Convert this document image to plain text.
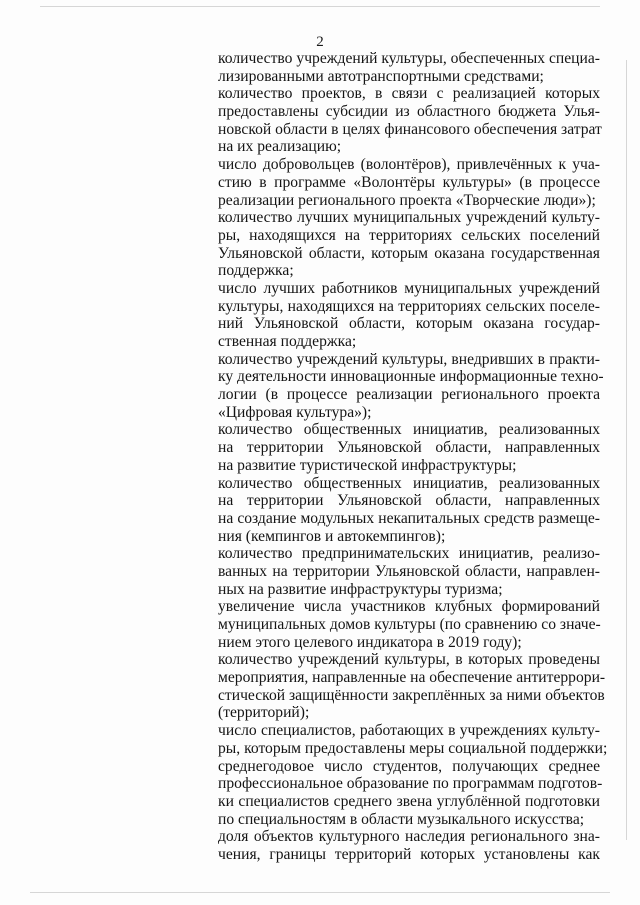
2

количество учреждений культуры, обеспеченных специа-
лизированными автотранспортными средствами;
количество проектов, в связи с реализацией которых
предоставлены субсидии из областного бюджета Улья-
новской области в целях финансового обеспечения затрат
на их реализацию;
число добровольцев (волонтёров), привлечённых к уча-
стию в программе «Волонтёры культуры» (в процессе
реализации регионального проекта «Творческие люди»);
количество лучших муниципальных учреждений культу-
ры, находящихся на территориях сельских поселений
Ульяновской области, которым оказана государственная
поддержка;
число лучших работников муниципальных учреждений
культуры, находящихся на территориях сельских поселе-
ний Ульяновской области, которым оказана государ-
ственная поддержка;
количество учреждений культуры, внедривших в практи-
ку деятельности инновационные информационные техно-
логии (в процессе реализации регионального проекта
«Цифровая культура»);
количество общественных инициатив, реализованных
на территории Ульяновской области, направленных
на развитие туристической инфраструктуры;
количество общественных инициатив, реализованных
на территории Ульяновской области, направленных
на создание модульных некапитальных средств размеще-
ния (кемпингов и автокемпингов);
количество предпринимательских инициатив, реализо-
ванных на территории Ульяновской области, направлен-
ных на развитие инфраструктуры туризма;
увеличение числа участников клубных формирований
муниципальных домов культуры (по сравнению со значе-
нием этого целевого индикатора в 2019 году);
количество учреждений культуры, в которых проведены
мероприятия, направленные на обеспечение антитеррори-
стической защищённости закреплённых за ними объектов
(территорий);
число специалистов, работающих в учреждениях культу-
ры, которым предоставлены меры социальной поддержки;
среднегодовое число студентов, получающих среднее
профессиональное образование по программам подготов-
ки специалистов среднего звена углублённой подготовки
по специальностям в области музыкального искусства;
доля объектов культурного наследия регионального зна-
чения, границы территорий которых установлены как
